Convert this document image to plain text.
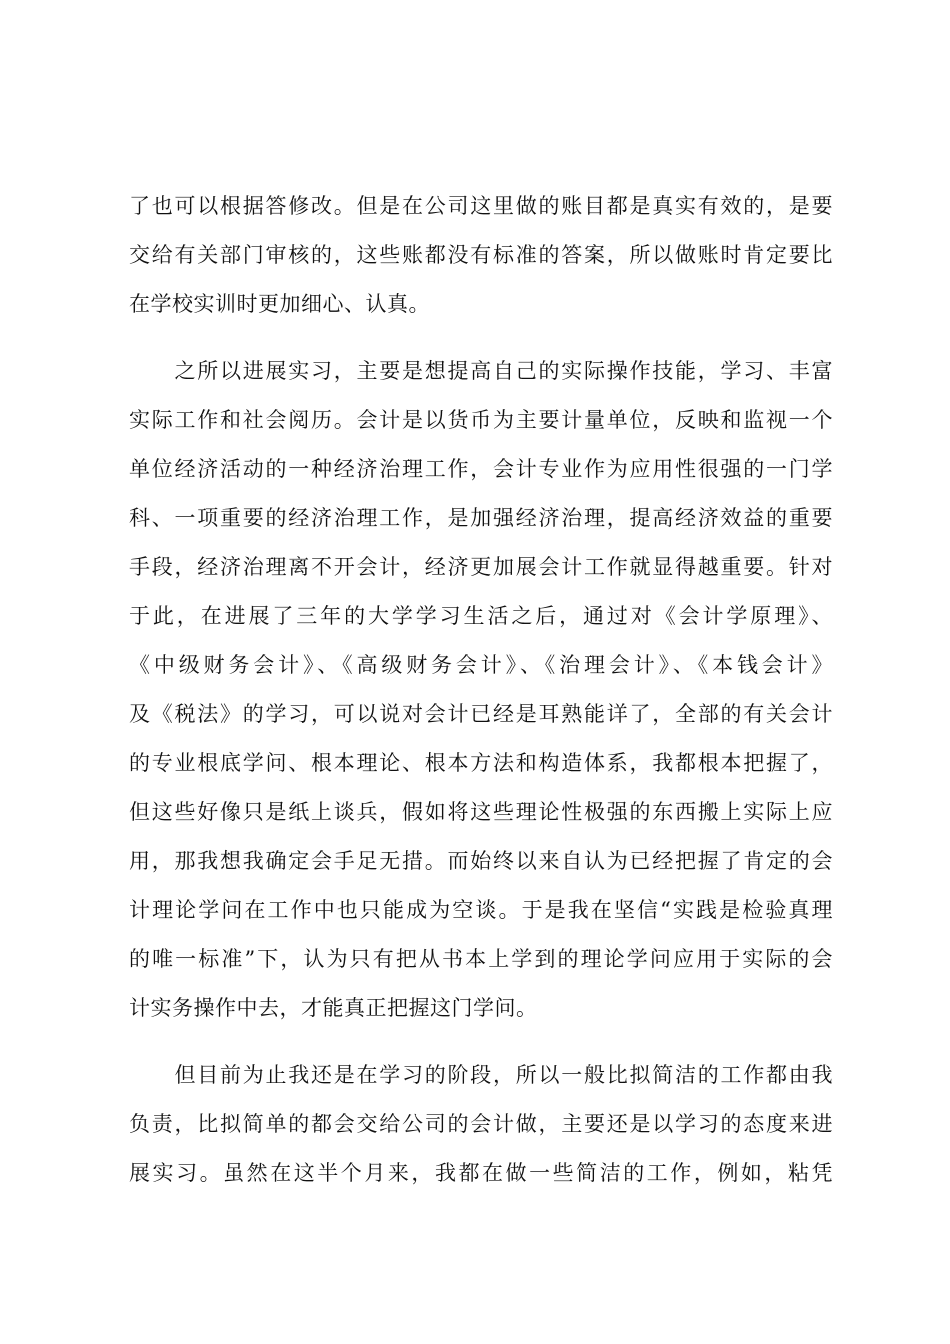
了也可以根据答修改。但是在公司这里做的账目都是真实有效的，是要
交给有关部门审核的，这些账都没有标准的答案，所以做账时肯定要比
在学校实训时更加细心、认真。
　　之所以进展实习，主要是想提高自己的实际操作技能，学习、丰富
实际工作和社会阅历。会计是以货币为主要计量单位，反映和监视一个
单位经济活动的一种经济治理工作，会计专业作为应用性很强的一门学
科、一项重要的经济治理工作，是加强经济治理，提高经济效益的重要
手段，经济治理离不开会计，经济更加展会计工作就显得越重要。针对
于此，在进展了三年的大学学习生活之后，通过对《会计学原理》、
《中级财务会计》、《高级财务会计》、《治理会计》、《本钱会计》
及《税法》的学习，可以说对会计已经是耳熟能详了，全部的有关会计
的专业根底学问、根本理论、根本方法和构造体系，我都根本把握了，
但这些好像只是纸上谈兵，假如将这些理论性极强的东西搬上实际上应
用，那我想我确定会手足无措。而始终以来自认为已经把握了肯定的会
计理论学问在工作中也只能成为空谈。于是我在坚信“实践是检验真理
的唯一标准”下，认为只有把从书本上学到的理论学问应用于实际的会
计实务操作中去，才能真正把握这门学问。
　　但目前为止我还是在学习的阶段，所以一般比拟简洁的工作都由我
负责，比拟简单的都会交给公司的会计做，主要还是以学习的态度来进
展实习。虽然在这半个月来，我都在做一些简洁的工作，例如，粘凭
